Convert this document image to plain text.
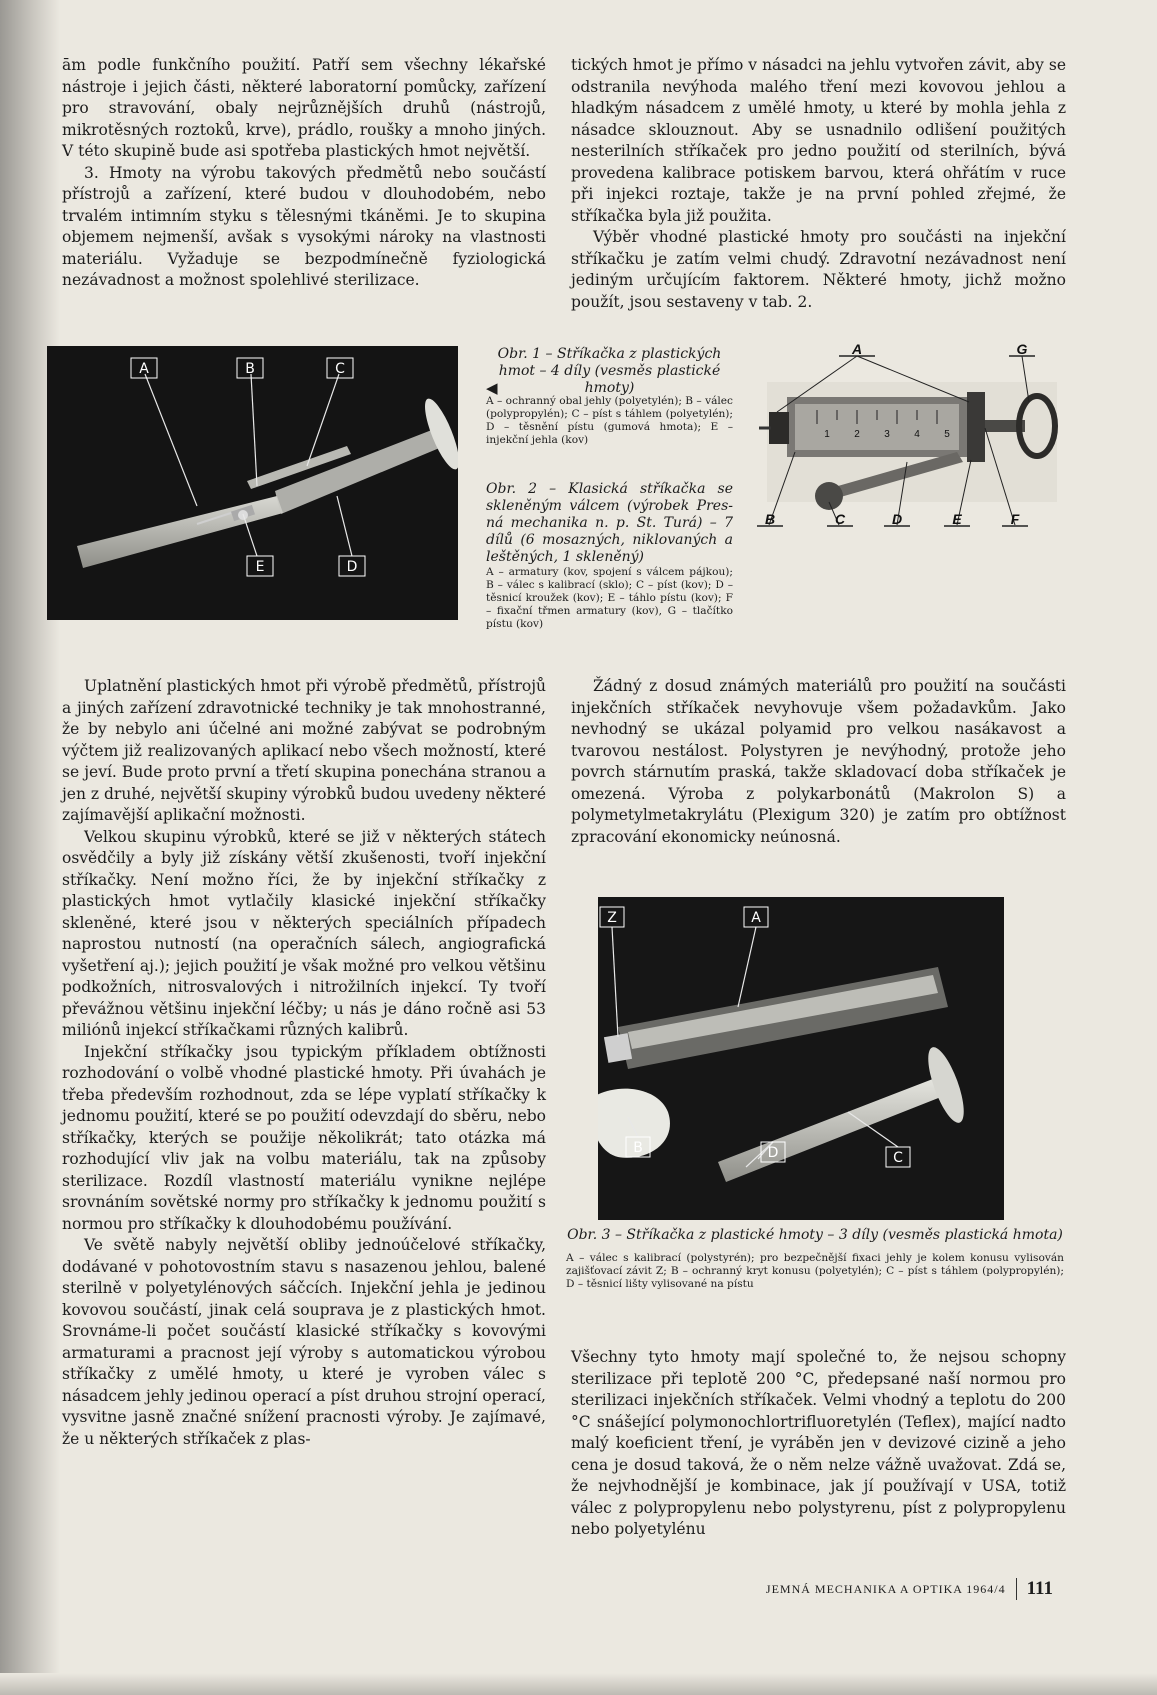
ām podle funkčního použití. Patří sem všechny lékařské nástroje i jejich části, některé laboratorní pomůcky, zařízení pro stravování, obaly nejrůznějších druhů (nástrojů, mikrotěsných roztoků, krve), prádlo, roušky a mnoho jiných. V této skupině bude asi spotřeba plastických hmot největší.

3. Hmoty na výrobu takových předmětů nebo součástí přístrojů a zařízení, které budou v dlouhodobém, nebo trvalém intimním styku s tělesnými tkáněmi. Je to skupina objemem nejmenší, avšak s vysokými nároky na vlastnosti materiálu. Vyžaduje se bezpodmínečně fyziologická nezávadnost a možnost spolehlivé sterilizace.

tických hmot je přímo v násadci na jehlu vytvořen závit, aby se odstranila nevýhoda malého tření mezi kovovou jehlou a hladkým násadcem z umělé hmoty, u které by mohla jehla z násadce sklouznout. Aby se usnadnilo odlišení použitých nesterilních stříkaček pro jedno použití od sterilních, bývá provedena kalibrace potiskem barvou, která ohřátím v ruce při injekci roztaje, takže je na první pohled zřejmé, že stříkačka byla již použita.

Výběr vhodné plastické hmoty pro součásti na injekční stříkačku je zatím velmi chudý. Zdravotní nezávadnost není jediným určujícím faktorem. Některé hmoty, jichž možno použít, jsou sestaveny v tab. 2.

A	B	C
E	D

Obr. 1 – Stříkačka z plastických hmot – 4 díly (vesměs plastické hmoty)

◀

A – ochranný obal jehly (polyetylén); B – válec (polypropylén); C – píst s táhlem (polyetylén); D – těsnění pístu (gumová hmota); E – injekční jehla (kov)	1 2 3 4 5
A	G
B	C	D	E	F

Obr. 2 – Klasická stříkačka se skleněným válcem (výrobek Presná mechanika n. p. St. Turá) – 7 dílů (6 mosazných, niklovaných a leštěných, 1 skleněný)

A – armatury (kov, spojení s válcem pájkou); B – válec s kalibrací (sklo); C – píst (kov); D – těsnicí kroužek (kov); E – táhlo pístu (kov); F – fixační třmen armatury (kov), G – tlačítko pístu (kov)

Uplatnění plastických hmot při výrobě předmětů, přístrojů a jiných zařízení zdravotnické techniky je tak mnohostranné, že by nebylo ani účelné ani možné zabývat se podrobným výčtem již realizovaných aplikací nebo všech možností, které se jeví. Bude proto první a třetí skupina ponechána stranou a jen z druhé, největší skupiny výrobků budou uvedeny některé zajímavější aplikační možnosti.

Velkou skupinu výrobků, které se již v některých státech osvědčily a byly již získány větší zkušenosti, tvoří injekční stříkačky. Není možno říci, že by injekční stříkačky z plastických hmot vytlačily klasické injekční stříkačky skleněné, které jsou v některých speciálních případech naprostou nutností (na operačních sálech, angiografická vyšetření aj.); jejich použití je však možné pro velkou většinu podkožních, nitrosvalových i nitrožilních injekcí. Ty tvoří převážnou většinu injekční léčby; u nás je dáno ročně asi 53 miliónů injekcí stříkačkami různých kalibrů.

Injekční stříkačky jsou typickým příkladem obtížnosti rozhodování o volbě vhodné plastické hmoty. Při úvahách je třeba především rozhodnout, zda se lépe vyplatí stříkačky k jednomu použití, které se po použití odevzdají do sběru, nebo stříkačky, kterých se použije několikrát; tato otázka má rozhodující vliv jak na volbu materiálu, tak na způsoby sterilizace. Rozdíl vlastností materiálu vynikne nejlépe srovnáním sovětské normy pro stříkačky k jednomu použití s normou pro stříkačky k dlouhodobému používání.

Ve světě nabyly největší obliby jednoúčelové stříkačky, dodávané v pohotovostním stavu s nasazenou jehlou, balené sterilně v polyetylénových sáčcích. Injekční jehla je jedinou kovovou součástí, jinak celá souprava je z plastických hmot. Srovnáme-li počet součástí klasické stříkačky s kovovými armaturami a pracnost její výroby s automatickou výrobou stříkačky z umělé hmoty, u které je vyroben válec s násadcem jehly jedinou operací a píst druhou strojní operací, vysvitne jasně značné snížení pracnosti výroby. Je zajímavé, že u některých stříkaček z plas-

Žádný z dosud známých materiálů pro použití na součásti injekčních stříkaček nevyhovuje všem požadavkům. Jako nevhodný se ukázal polyamid pro velkou nasákavost a tvarovou nestálost. Polystyren je nevýhodný, protože jeho povrch stárnutím praská, takže skladovací doba stříkaček je omezená. Výroba z polykarbonátů (Makrolon S) a polymetylmetakrylátu (Plexigum 320) je zatím pro obtížnost zpracování ekonomicky neúnosná.

Z	A
B	D	C

Obr. 3 – Stříkačka z plastické hmoty – 3 díly (vesměs plastická hmota)

A – válec s kalibrací (polystyrén); pro bezpečnější fixaci jehly je kolem konusu vylisován zajišťovací závit Z; B – ochranný kryt konusu (polyetylén); C – píst s táhlem (polypropylén); D – těsnicí lišty vylisované na pístu

Všechny tyto hmoty mají společné to, že nejsou schopny sterilizace při teplotě 200 °C, předepsané naší normou pro sterilizaci injekčních stříkaček. Velmi vhodný a teplotu do 200 °C snášející polymonochlortrifluoretylén (Teflex), mající nadto malý koeficient tření, je vyráběn jen v devizové cizině a jeho cena je dosud taková, že o něm nelze vážně uvažovat. Zdá se, že nejvhodnější je kombinace, jak jí používají v USA, totiž válec z polypropylenu nebo polystyrenu, píst z polypropylenu nebo polyetylénu

JEMNÁ MECHANIKA A OPTIKA 1964/4 111
